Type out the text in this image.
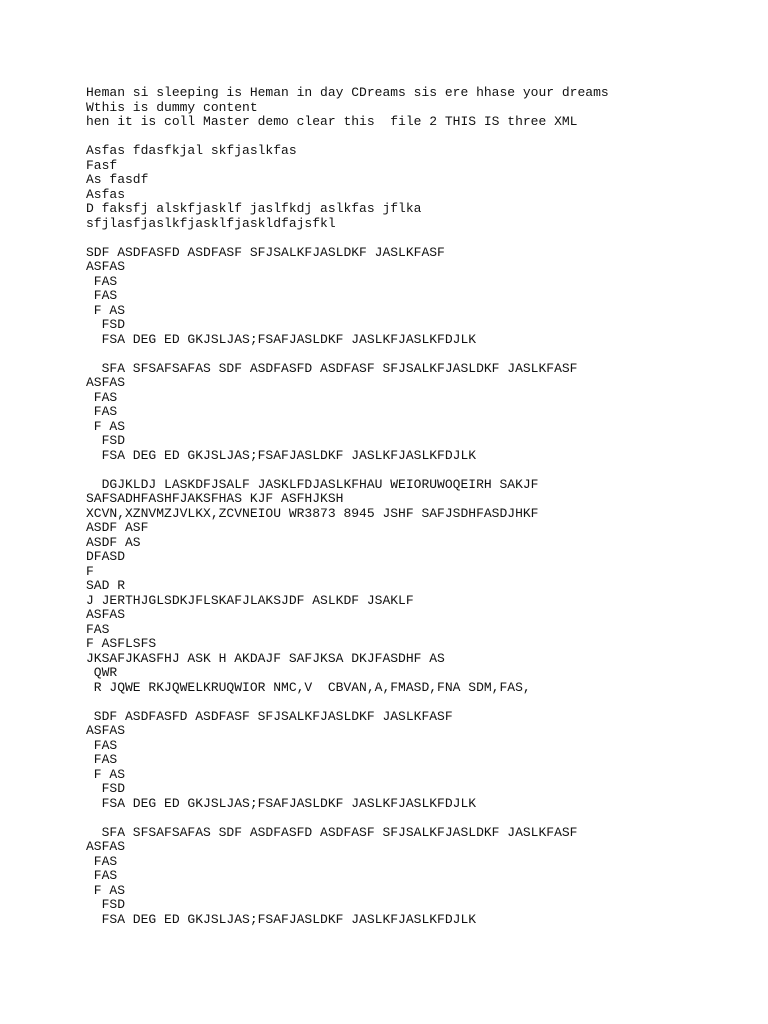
Heman si sleeping is Heman in day CDreams sis ere hhase your dreams
Wthis is dummy content
hen it is coll Master demo clear this  file 2 THIS IS three XML
Asfas fdasfkjal skfjaslkfas
Fasf
As fasdf
Asfas
D faksfj alskfjasklf jaslfkdj aslkfas jflka
sfjlasfjaslkfjasklfjaskldfajsfkl
SDF ASDFASFD ASDFASF SFJSALKFJASLDKF JASLKFASF
ASFAS
FAS
FAS
F AS
FSD
FSA DEG ED GKJSLJAS;FSAFJASLDKF JASLKFJASLKFDJLK
SFA SFSAFSAFAS SDF ASDFASFD ASDFASF SFJSALKFJASLDKF JASLKFASF
ASFAS
FAS
FAS
F AS
FSD
FSA DEG ED GKJSLJAS;FSAFJASLDKF JASLKFJASLKFDJLK
DGJKLDJ LASKDFJSALF JASKLFDJASLKFHAU WEIORUWOQEIRH SAKJF
SAFSADHFASHFJAKSFHAS KJF ASFHJKSH
XCVN,XZNVMZJVLKX,ZCVNEIOU WR3873 8945 JSHF SAFJSDHFASDJHKF
ASDF ASF
ASDF AS
DFASD
F
SAD R
J JERTHJGLSDKJFLSKAFJLAKSJDF ASLKDF JSAKLF
ASFAS
FAS
F ASFLSFS
JKSAFJKASFHJ ASK H AKDAJF SAFJKSA DKJFASDHF AS
QWR
R JQWE RKJQWELKRUQWIOR NMC,V  CBVAN,A,FMASD,FNA SDM,FAS,
SDF ASDFASFD ASDFASF SFJSALKFJASLDKF JASLKFASF
ASFAS
FAS
FAS
F AS
FSD
FSA DEG ED GKJSLJAS;FSAFJASLDKF JASLKFJASLKFDJLK
SFA SFSAFSAFAS SDF ASDFASFD ASDFASF SFJSALKFJASLDKF JASLKFASF
ASFAS
FAS
FAS
F AS
FSD
FSA DEG ED GKJSLJAS;FSAFJASLDKF JASLKFJASLKFDJLK
